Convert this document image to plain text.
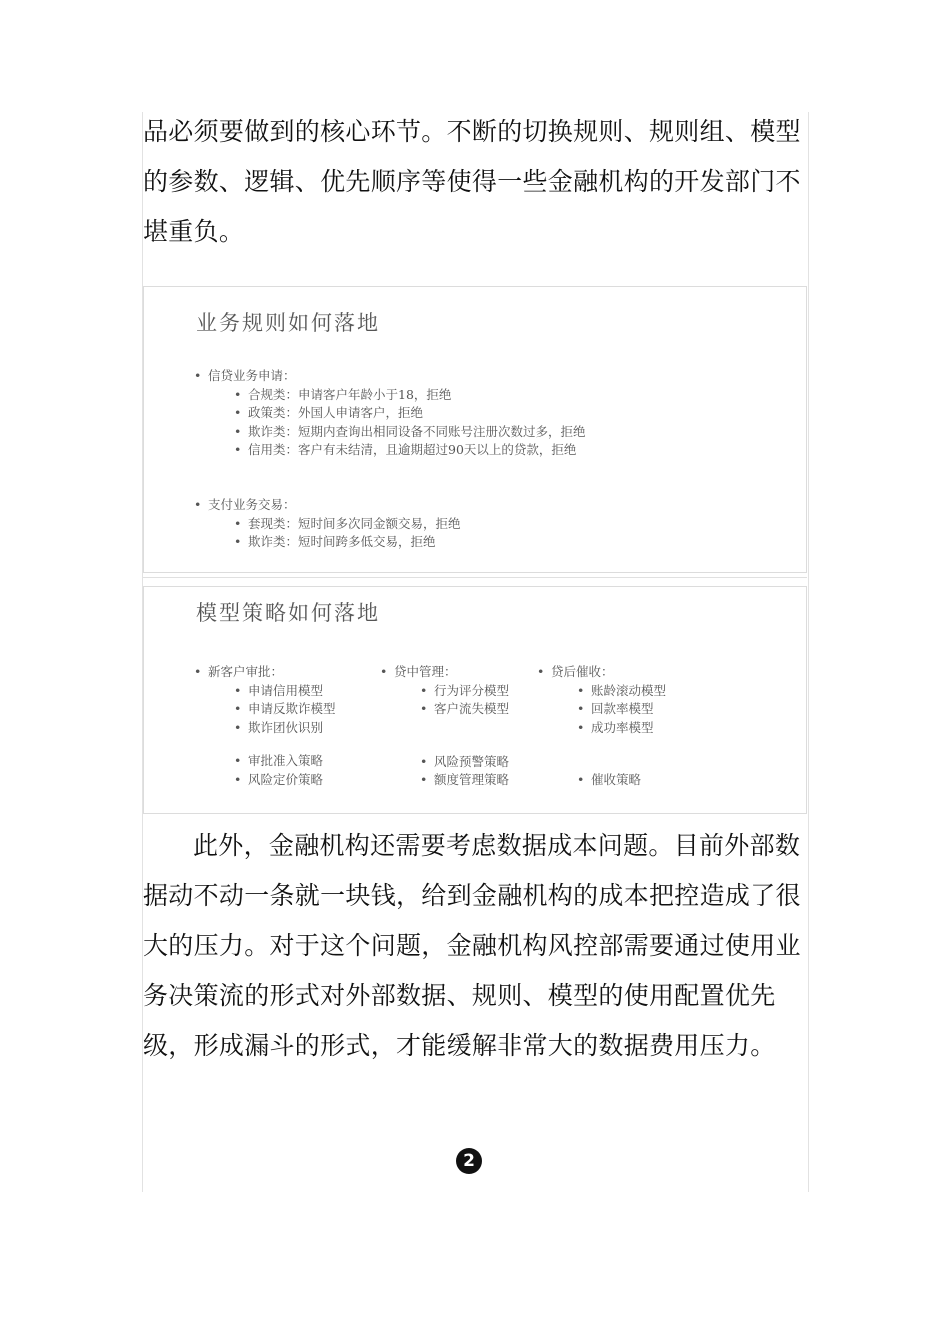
品必须要做到的核心环节。不断的切换规则、规则组、模型的参数、逻辑、优先顺序等使得一些金融机构的开发部门不堪重负。

业务规则如何落地
• 信贷业务申请：
• 合规类：申请客户年龄小于18，拒绝
• 政策类：外国人申请客户，拒绝
• 欺诈类：短期内查询出相同设备不同账号注册次数过多，拒绝
• 信用类：客户有未结清，且逾期超过90天以上的贷款，拒绝
• 支付业务交易：
• 套现类：短时间多次同金额交易，拒绝
• 欺诈类：短时间跨多低交易，拒绝
模型策略如何落地
• 新客户审批：
• 申请信用模型
• 申请反欺诈模型
• 欺诈团伙识别
• 审批准入策略
• 风险定价策略
• 贷中管理：
• 行为评分模型
• 客户流失模型
• 风险预警策略
• 额度管理策略
• 贷后催收：
• 账龄滚动模型
• 回款率模型
• 成功率模型
• 催收策略

此外，金融机构还需要考虑数据成本问题。目前外部数据动不动一条就一块钱，给到金融机构的成本把控造成了很大的压力。对于这个问题，金融机构风控部需要通过使用业务决策流的形式对外部数据、规则、模型的使用配置优先级，形成漏斗的形式，才能缓解非常大的数据费用压力。

2
